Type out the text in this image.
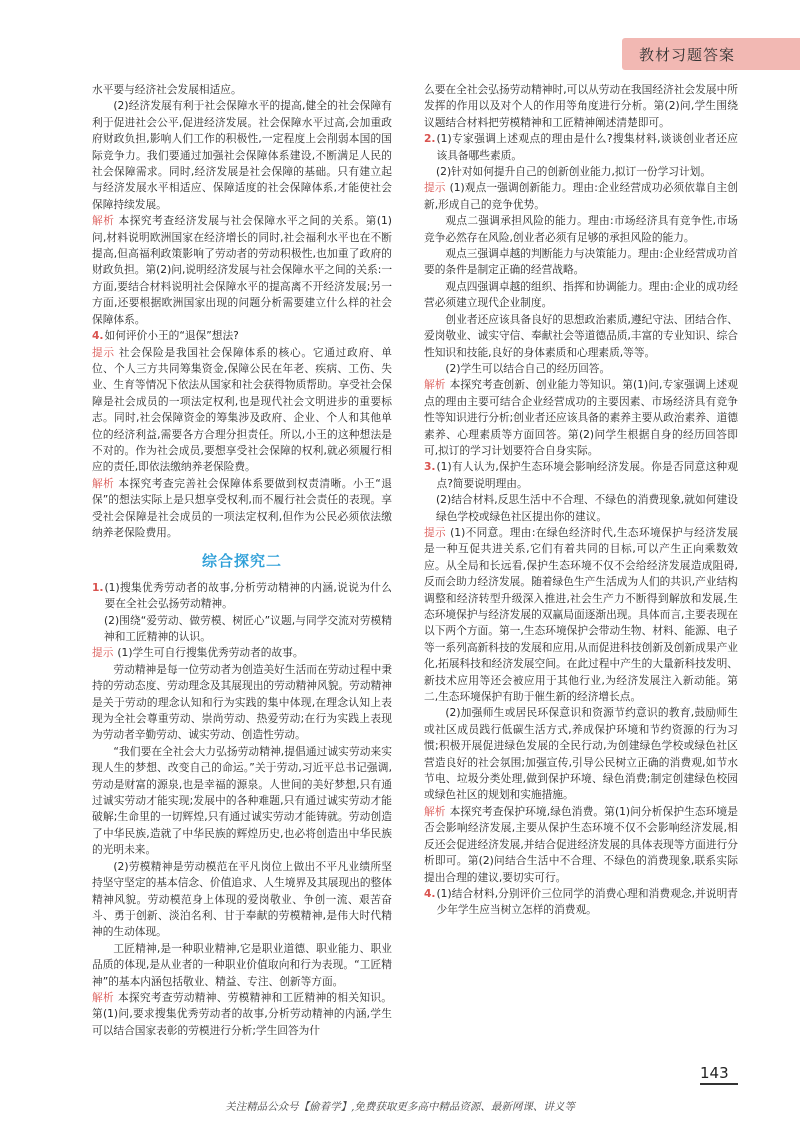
教材习题答案

水平要与经济社会发展相适应。

(2)经济发展有利于社会保障水平的提高,健全的社会保障有利于促进社会公平,促进经济发展。社会保障水平过高,会加重政府财政负担,影响人们工作的积极性,一定程度上会削弱本国的国际竞争力。我们要通过加强社会保障体系建设,不断满足人民的社会保障需求。同时,经济发展是社会保障的基础。只有建立起与经济发展水平相适应、保障适度的社会保障体系,才能使社会保障持续发展。

解析 本探究考查经济发展与社会保障水平之间的关系。第(1)问,材料说明欧洲国家在经济增长的同时,社会福利水平也在不断提高,但高福利政策影响了劳动者的劳动积极性,也加重了政府的财政负担。第(2)问,说明经济发展与社会保障水平之间的关系:一方面,要结合材料说明社会保障水平的提高离不开经济发展;另一方面,还要根据欧洲国家出现的问题分析需要建立什么样的社会保障体系。

4. 如何评价小王的“退保”想法?

提示 社会保险是我国社会保障体系的核心。它通过政府、单位、个人三方共同筹集资金,保障公民在年老、疾病、工伤、失业、生育等情况下依法从国家和社会获得物质帮助。享受社会保障是社会成员的一项法定权利,也是现代社会文明进步的重要标志。同时,社会保障资金的筹集涉及政府、企业、个人和其他单位的经济利益,需要各方合理分担责任。所以,小王的这种想法是不对的。作为社会成员,要想享受社会保障的权利,就必须履行相应的责任,即依法缴纳养老保险费。

解析 本探究考查完善社会保障体系要做到权责清晰。小王“退保”的想法实际上是只想享受权利,而不履行社会责任的表现。享受社会保障是社会成员的一项法定权利,但作为公民必须依法缴纳养老保险费用。

综合探究二
1. (1)搜集优秀劳动者的故事,分析劳动精神的内涵,说说为什么要在全社会弘扬劳动精神。

(2)围绕“爱劳动、做劳模、树匠心”议题,与同学交流对劳模精神和工匠精神的认识。

提示 (1)学生可自行搜集优秀劳动者的故事。

劳动精神是每一位劳动者为创造美好生活而在劳动过程中秉持的劳动态度、劳动理念及其展现出的劳动精神风貌。劳动精神是关于劳动的理念认知和行为实践的集中体现,在理念认知上表现为全社会尊重劳动、崇尚劳动、热爱劳动;在行为实践上表现为劳动者辛勤劳动、诚实劳动、创造性劳动。

“我们要在全社会大力弘扬劳动精神,提倡通过诚实劳动来实现人生的梦想、改变自己的命运。”关于劳动,习近平总书记强调,劳动是财富的源泉,也是幸福的源泉。人世间的美好梦想,只有通过诚实劳动才能实现;发展中的各种难题,只有通过诚实劳动才能破解;生命里的一切辉煌,只有通过诚实劳动才能铸就。劳动创造了中华民族,造就了中华民族的辉煌历史,也必将创造出中华民族的光明未来。

(2)劳模精神是劳动模范在平凡岗位上做出不平凡业绩所坚持坚守坚定的基本信念、价值追求、人生境界及其展现出的整体精神风貌。劳动模范身上体现的爱岗敬业、争创一流、艰苦奋斗、勇于创新、淡泊名利、甘于奉献的劳模精神,是伟大时代精神的生动体现。

工匠精神,是一种职业精神,它是职业道德、职业能力、职业品质的体现,是从业者的一种职业价值取向和行为表现。“工匠精神”的基本内涵包括敬业、精益、专注、创新等方面。

解析 本探究考查劳动精神、劳模精神和工匠精神的相关知识。第(1)问,要求搜集优秀劳动者的故事,分析劳动精神的内涵,学生可以结合国家表彰的劳模进行分析;学生回答为什

么要在全社会弘扬劳动精神时,可以从劳动在我国经济社会发展中所发挥的作用以及对个人的作用等角度进行分析。第(2)问,学生围绕议题结合材料把劳模精神和工匠精神阐述清楚即可。

2. (1)专家强调上述观点的理由是什么?搜集材料,谈谈创业者还应该具备哪些素质。

(2)针对如何提升自己的创新创业能力,拟订一份学习计划。

提示 (1)观点一强调创新能力。理由:企业经营成功必须依靠自主创新,形成自己的竞争优势。

观点二强调承担风险的能力。理由:市场经济具有竞争性,市场竞争必然存在风险,创业者必须有足够的承担风险的能力。

观点三强调卓越的判断能力与决策能力。理由:企业经营成功首要的条件是制定正确的经营战略。

观点四强调卓越的组织、指挥和协调能力。理由:企业的成功经营必须建立现代企业制度。

创业者还应该具备良好的思想政治素质,遵纪守法、团结合作、爱岗敬业、诚实守信、奉献社会等道德品质,丰富的专业知识、综合性知识和技能,良好的身体素质和心理素质,等等。

(2)学生可以结合自己的经历回答。

解析 本探究考查创新、创业能力等知识。第(1)问,专家强调上述观点的理由主要可结合企业经营成功的主要因素、市场经济具有竞争性等知识进行分析;创业者还应该具备的素养主要从政治素养、道德素养、心理素质等方面回答。第(2)问学生根据自身的经历回答即可,拟订的学习计划要符合自身实际。

3. (1)有人认为,保护生态环境会影响经济发展。你是否同意这种观点?简要说明理由。

(2)结合材料,反思生活中不合理、不绿色的消费现象,就如何建设绿色学校或绿色社区提出你的建议。

提示 (1)不同意。理由:在绿色经济时代,生态环境保护与经济发展是一种互促共进关系,它们有着共同的目标,可以产生正向乘数效应。从全局和长远看,保护生态环境不仅不会给经济发展造成阻碍,反而会助力经济发展。随着绿色生产生活成为人们的共识,产业结构调整和经济转型升级深入推进,社会生产力不断得到解放和发展,生态环境保护与经济发展的双赢局面逐渐出现。具体而言,主要表现在以下两个方面。第一,生态环境保护会带动生物、材料、能源、电子等一系列高新科技的发展和应用,从而促进科技创新及创新成果产业化,拓展科技和经济发展空间。在此过程中产生的大量新科技发明、新技术应用等还会被应用于其他行业,为经济发展注入新动能。第二,生态环境保护有助于催生新的经济增长点。

(2)加强师生或居民环保意识和资源节约意识的教育,鼓励师生或社区成员践行低碳生活方式,养成保护环境和节约资源的行为习惯;积极开展促进绿色发展的全民行动,为创建绿色学校或绿色社区营造良好的社会氛围;加强宣传,引导公民树立正确的消费观,如节水节电、垃圾分类处理,做到保护环境、绿色消费;制定创建绿色校园或绿色社区的规划和实施措施。

解析 本探究考查保护环境,绿色消费。第(1)问分析保护生态环境是否会影响经济发展,主要从保护生态环境不仅不会影响经济发展,相反还会促进经济发展,并结合促进经济发展的具体表现等方面进行分析即可。第(2)问结合生活中不合理、不绿色的消费现象,联系实际提出合理的建议,要切实可行。

4. (1)结合材料,分别评价三位同学的消费心理和消费观念,并说明青少年学生应当树立怎样的消费观。
143
关注精品公众号【偷着学】,免费获取更多高中精品资源、最新网课、讲义等
